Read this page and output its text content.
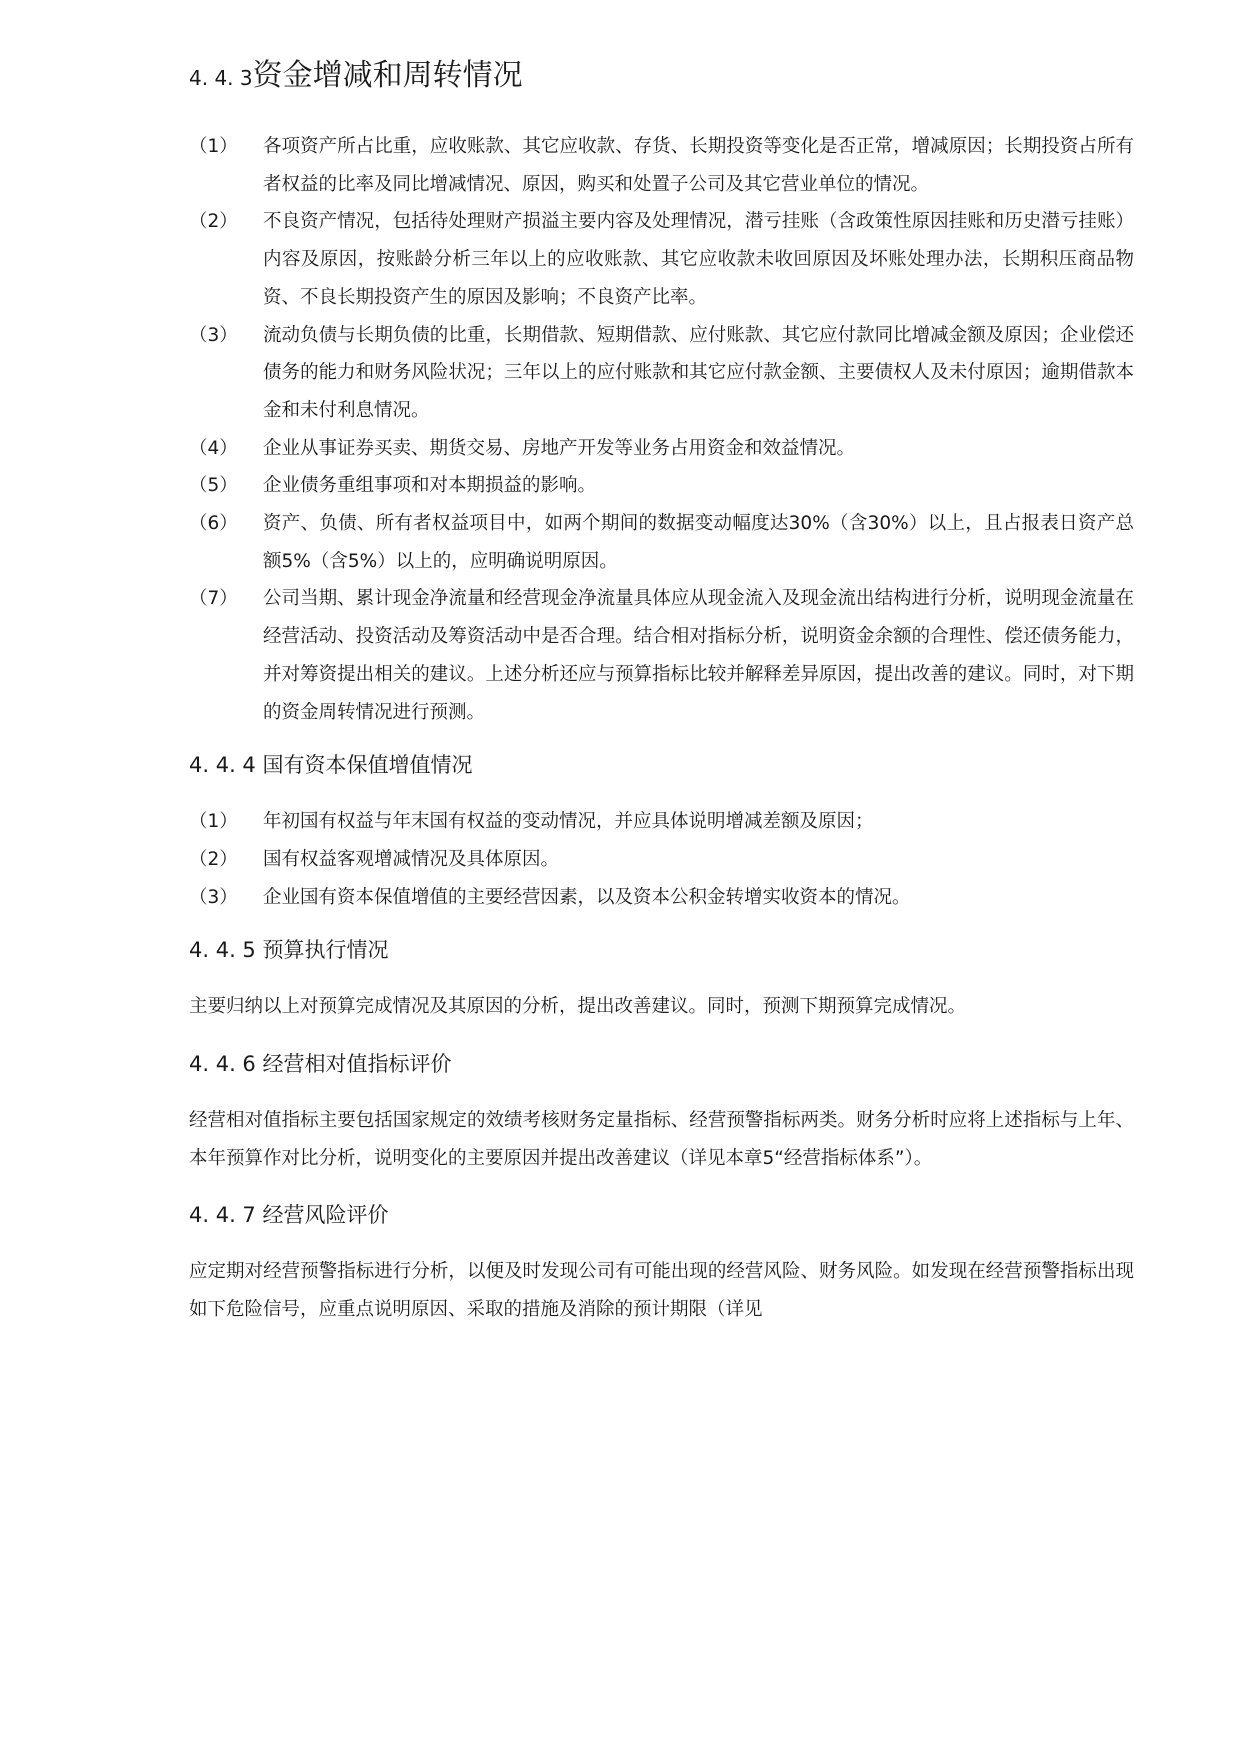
4. 4. 3资金增减和周转情况
（1）	各项资产所占比重，应收账款、其它应收款、存货、长期投资等变化是否正常，增减原因；长期投资占所有者权益的比率及同比增减情况、原因，购买和处置子公司及其它营业单位的情况。
（2）	不良资产情况，包括待处理财产损溢主要内容及处理情况，潜亏挂账（含政策性原因挂账和历史潜亏挂账）内容及原因，按账龄分析三年以上的应收账款、其它应收款未收回原因及坏账处理办法，长期积压商品物资、不良长期投资产生的原因及影响；不良资产比率。
（3）	流动负债与长期负债的比重，长期借款、短期借款、应付账款、其它应付款同比增减金额及原因；企业偿还债务的能力和财务风险状况；三年以上的应付账款和其它应付款金额、主要债权人及未付原因；逾期借款本金和未付利息情况。
（4）	企业从事证券买卖、期货交易、房地产开发等业务占用资金和效益情况。
（5）	企业债务重组事项和对本期损益的影响。
（6）	资产、负债、所有者权益项目中，如两个期间的数据变动幅度达30%（含30%）以上，且占报表日资产总额5%（含5%）以上的，应明确说明原因。
（7）	公司当期、累计现金净流量和经营现金净流量具体应从现金流入及现金流出结构进行分析，说明现金流量在经营活动、投资活动及筹资活动中是否合理。结合相对指标分析，说明资金余额的合理性、偿还债务能力，并对筹资提出相关的建议。上述分析还应与预算指标比较并解释差异原因，提出改善的建议。同时，对下期的资金周转情况进行预测。
4. 4. 4 国有资本保值增值情况
（1）	年初国有权益与年末国有权益的变动情况，并应具体说明增减差额及原因；
（2）	国有权益客观增减情况及具体原因。
（3）	企业国有资本保值增值的主要经营因素，以及资本公积金转增实收资本的情况。
4. 4. 5 预算执行情况

主要归纳以上对预算完成情况及其原因的分析，提出改善建议。同时，预测下期预算完成情况。

4. 4. 6 经营相对值指标评价

经营相对值指标主要包括国家规定的效绩考核财务定量指标、经营预警指标两类。财务分析时应将上述指标与上年、本年预算作对比分析，说明变化的主要原因并提出改善建议（详见本章5“经营指标体系”）。

4. 4. 7 经营风险评价

应定期对经营预警指标进行分析，以便及时发现公司有可能出现的经营风险、财务风险。如发现在经营预警指标出现如下危险信号，应重点说明原因、采取的措施及消除的预计期限（详见
